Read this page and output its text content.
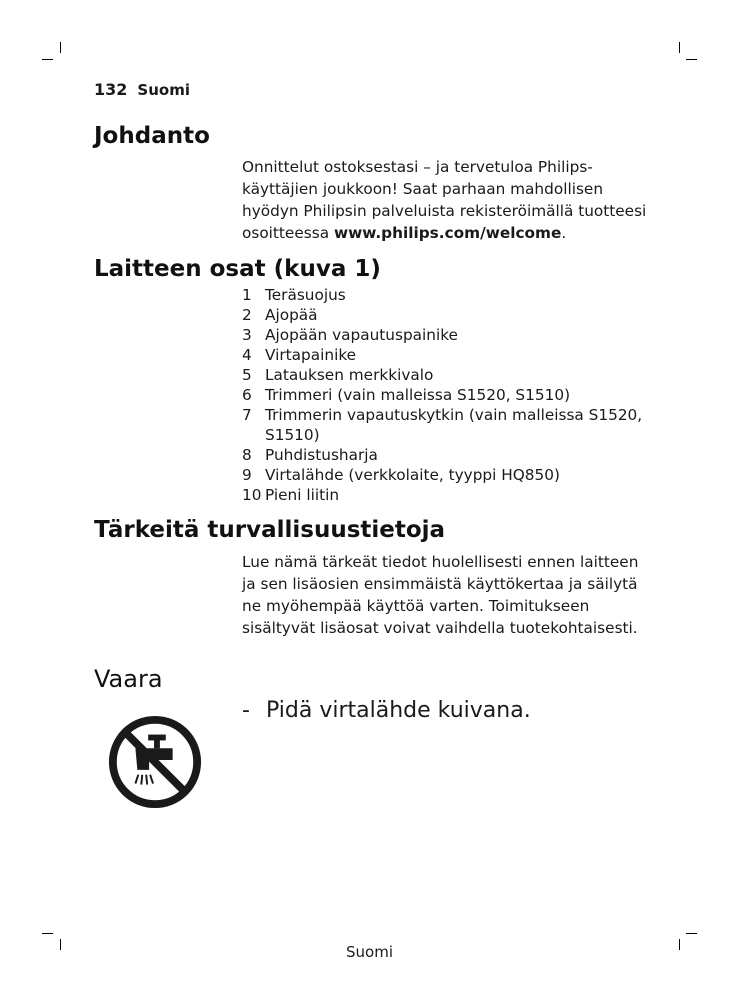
132 Suomi
Johdanto

Onnittelut ostoksestasi – ja tervetuloa Philips-käyttäjien joukkoon! Saat parhaan mahdollisen hyödyn Philipsin palveluista rekisteröimällä tuotteesi osoitteessa www.philips.com/welcome.

Laitteen osat (kuva 1)
1 Teräsuojus
2 Ajopää
3 Ajopään vapautuspainike
4 Virtapainike
5 Latauksen merkkivalo
6 Trimmeri (vain malleissa S1520, S1510)
7 Trimmerin vapautuskytkin (vain malleissa S1520, S1510)
8 Puhdistusharja
9 Virtalähde (verkkolaite, tyyppi HQ850)
10 Pieni liitin
Tärkeitä turvallisuustietoja

Lue nämä tärkeät tiedot huolellisesti ennen laitteen ja sen lisäosien ensimmäistä käyttökertaa ja säilytä ne myöhempää käyttöä varten. Toimitukseen sisältyvät lisäosat voivat vaihdella tuotekohtaisesti.

Vaara
- Pidä virtalähde kuivana.
Suomi
